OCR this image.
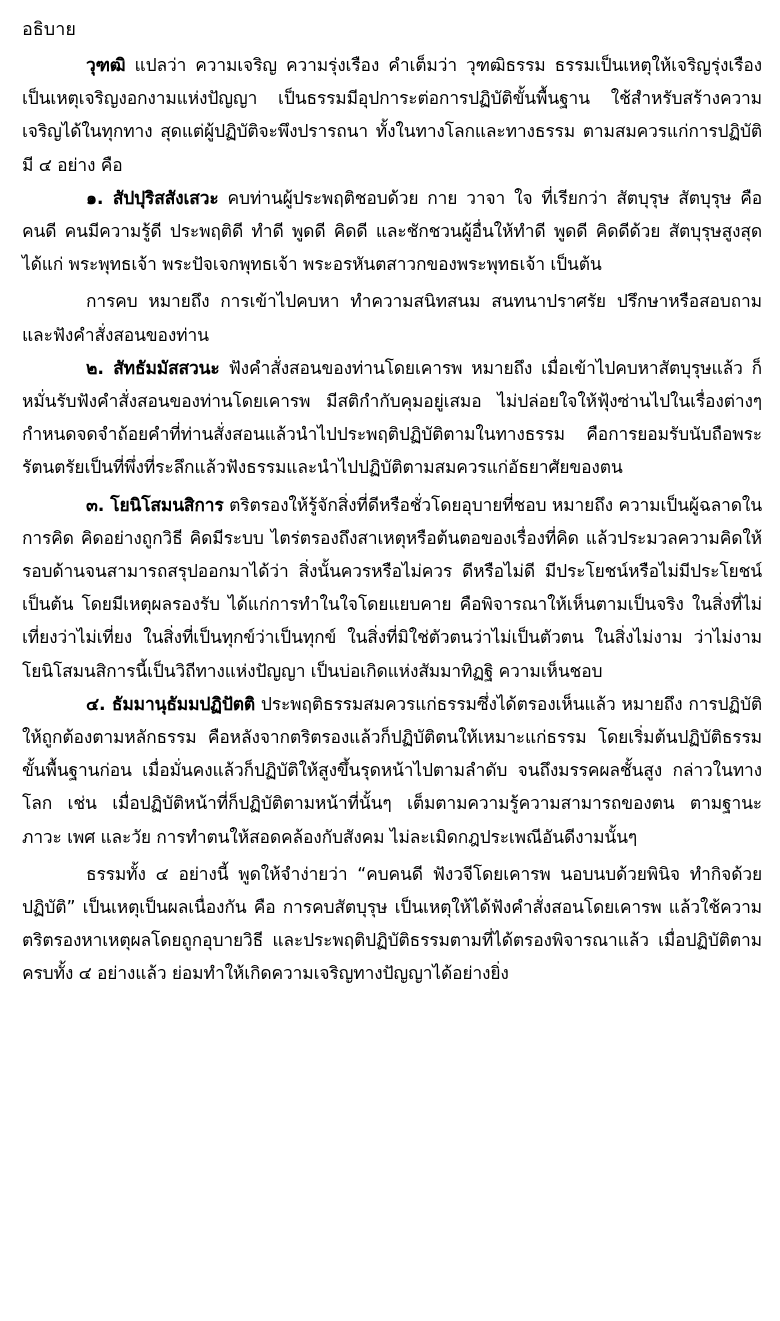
อธิบาย

วุฑฒิ แปลว่า ความเจริญ ความรุ่งเรือง คำเต็มว่า วุฑฒิธรรม ธรรมเป็นเหตุให้เจริญรุ่งเรือง เป็นเหตุเจริญงอกงามแห่งปัญญา เป็นธรรมมีอุปการะต่อการปฏิบัติขั้นพื้นฐาน ใช้สำหรับสร้างความเจริญได้ในทุกทาง สุดแต่ผู้ปฏิบัติจะพึงปรารถนา ทั้งในทางโลกและทางธรรม ตามสมควรแก่การปฏิบัติ มี ๔ อย่าง คือ

๑. สัปปุริสสังเสวะ คบท่านผู้ประพฤติชอบด้วย กาย วาจา ใจ ที่เรียกว่า สัตบุรุษ สัตบุรุษ คือ คนดี คนมีความรู้ดี ประพฤติดี ทำดี พูดดี คิดดี และชักชวนผู้อื่นให้ทำดี พูดดี คิดดีด้วย สัตบุรุษสูงสุด ได้แก่ พระพุทธเจ้า พระปัจเจกพุทธเจ้า พระอรหันตสาวกของพระพุทธเจ้า เป็นต้น

การคบ หมายถึง การเข้าไปคบหา ทำความสนิทสนม สนทนาปราศรัย ปรึกษาหรือสอบถาม และฟังคำสั่งสอนของท่าน

๒. สัทธัมมัสสวนะ ฟังคำสั่งสอนของท่านโดยเคารพ หมายถึง เมื่อเข้าไปคบหาสัตบุรุษแล้ว ก็หมั่นรับฟังคำสั่งสอนของท่านโดยเคารพ มีสติกำกับคุมอยู่เสมอ ไม่ปล่อยใจให้ฟุ้งซ่านไปในเรื่องต่างๆ กำหนดจดจำถ้อยคำที่ท่านสั่งสอนแล้วนำไปประพฤติปฏิบัติตามในทางธรรม คือการยอมรับนับถือพระรัตนตรัยเป็นที่พึ่งที่ระลึกแล้วฟังธรรมและนำไปปฏิบัติตามสมควรแก่อัธยาศัยของตน

๓. โยนิโสมนสิการ ตริตรองให้รู้จักสิ่งที่ดีหรือชั่วโดยอุบายที่ชอบ หมายถึง ความเป็นผู้ฉลาดในการคิด คิดอย่างถูกวิธี คิดมีระบบ ไตร่ตรองถึงสาเหตุหรือต้นตอของเรื่องที่คิด แล้วประมวลความคิดให้รอบด้านจนสามารถสรุปออกมาได้ว่า สิ่งนั้นควรหรือไม่ควร ดีหรือไม่ดี มีประโยชน์หรือไม่มีประโยชน์ เป็นต้น โดยมีเหตุผลรองรับ ได้แก่การทำในใจโดยแยบคาย คือพิจารณาให้เห็นตามเป็นจริง ในสิ่งที่ไม่เที่ยงว่าไม่เที่ยง ในสิ่งที่เป็นทุกข์ว่าเป็นทุกข์ ในสิ่งที่มิใช่ตัวตนว่าไม่เป็นตัวตน ในสิ่งไม่งาม ว่าไม่งาม โยนิโสมนสิการนี้เป็นวิถีทางแห่งปัญญา เป็นบ่อเกิดแห่งสัมมาทิฏฐิ ความเห็นชอบ

๔. ธัมมานุธัมมปฏิปัตติ ประพฤติธรรมสมควรแก่ธรรมซึ่งได้ตรองเห็นแล้ว หมายถึง การปฏิบัติให้ถูกต้องตามหลักธรรม คือหลังจากตริตรองแล้วก็ปฏิบัติตนให้เหมาะแก่ธรรม โดยเริ่มต้นปฏิบัติธรรมขั้นพื้นฐานก่อน เมื่อมั่นคงแล้วก็ปฏิบัติให้สูงขึ้นรุดหน้าไปตามลำดับ จนถึงมรรคผลชั้นสูง กล่าวในทางโลก เช่น เมื่อปฏิบัติหน้าที่ก็ปฏิบัติตามหน้าที่นั้นๆ เต็มตามความรู้ความสามารถของตน ตามฐานะ ภาวะ เพศ และวัย การทำตนให้สอดคล้องกับสังคม ไม่ละเมิดกฎประเพณีอันดีงามนั้นๆ

ธรรมทั้ง ๔ อย่างนี้ พูดให้จำง่ายว่า “คบคนดี ฟังวจีโดยเคารพ นอบนบด้วยพินิจ ทำกิจด้วยปฏิบัติ” เป็นเหตุเป็นผลเนื่องกัน คือ การคบสัตบุรุษ เป็นเหตุให้ได้ฟังคำสั่งสอนโดยเคารพ แล้วใช้ความตริตรองหาเหตุผลโดยถูกอุบายวิธี และประพฤติปฏิบัติธรรมตามที่ได้ตรองพิจารณาแล้ว เมื่อปฏิบัติตามครบทั้ง ๔ อย่างแล้ว ย่อมทำให้เกิดความเจริญทางปัญญาได้อย่างยิ่ง
